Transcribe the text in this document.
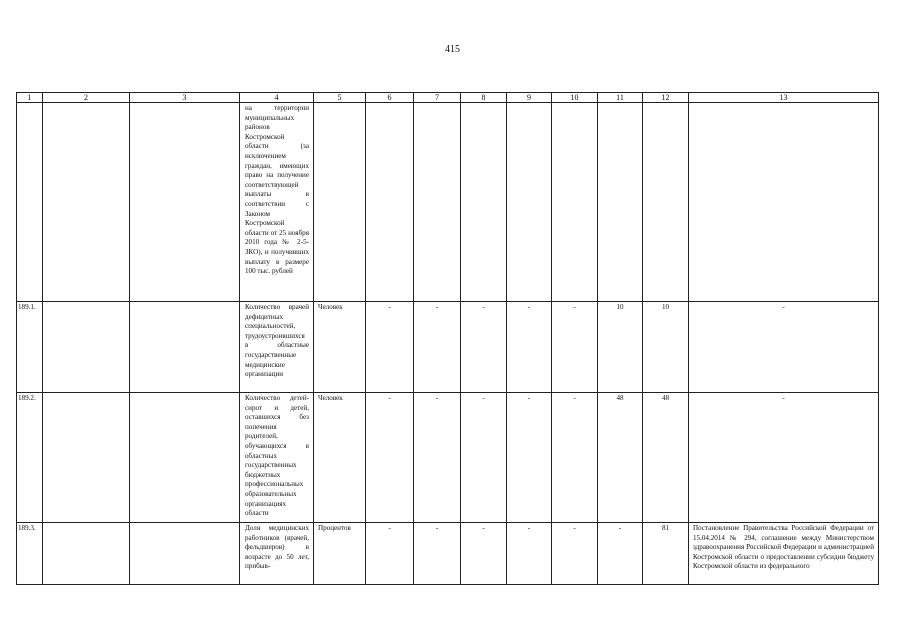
415
1	2	3	4	5	6	7	8	9	10	11	12	13
			на территории муниципальных районов Костромской области (за исключением граждан, имеющих право на получение соответствующей выплаты в соответствии с Законом Костромской области от 25 ноября 2010 года № 2-5-ЗКО), и получивших выплату в размере 100 тыс. рублей									
189.1.			Количество врачей дефицитных специальностей, трудоустроившихся в областные государственные медицинские организации	Человек	-	-	-	-	-	10	10	-
189.2.			Количество детей-сирот и детей, оставшихся без попечения родителей, обучающихся в областных государственных бюджетных профессиональных образовательных организациях области	Человек	-	-	-	-	-	48	48	-
189.3.			Доля медицинских работников (врачей, фельдшеров) в возрасте до 50 лет, прибыв-	Процентов	-	-	-	-	-	-	81	Постановление Правительства Российской Федерации от 15.04.2014 № 294, соглашение между Министерством здравоохранения Российской Федерации и администрацией Костромской области о предоставлении субсидии бюджету Костромской области из федерального
